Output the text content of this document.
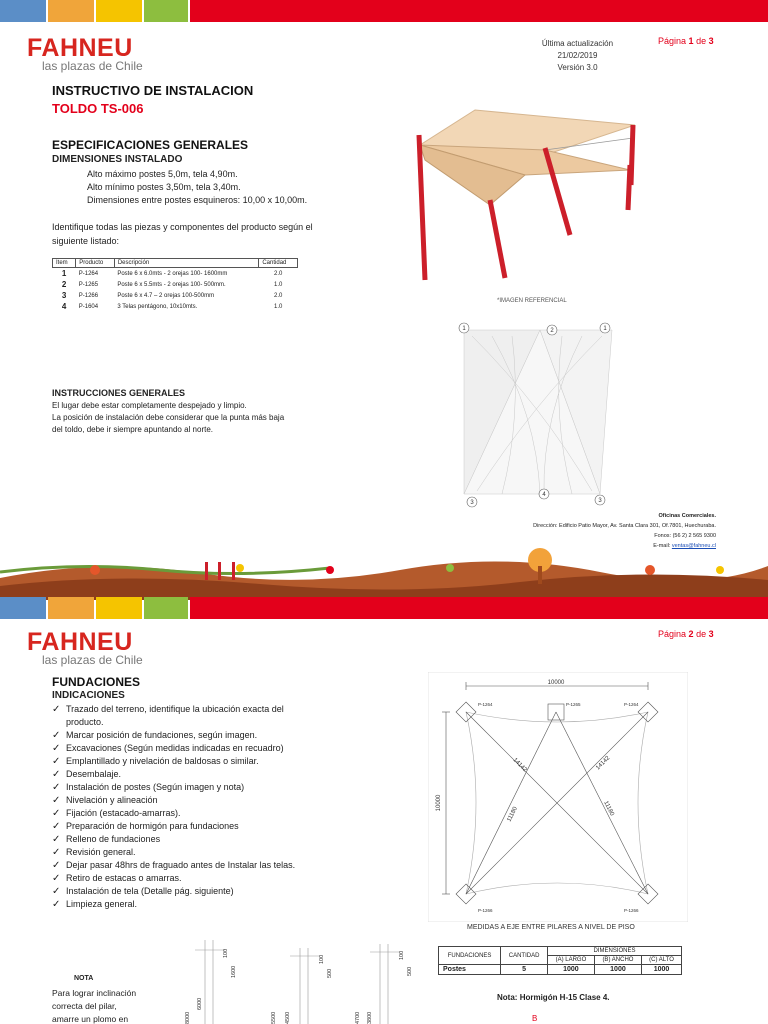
FAHNEU
las plazas de Chile
Última actualización
21/02/2019
Versión 3.0
Página 1 de 3
INSTRUCTIVO DE INSTALACION
TOLDO TS-006
ESPECIFICACIONES GENERALES
DIMENSIONES INSTALADO
Alto máximo postes 5,0m, tela 4,90m.
Alto mínimo postes 3,50m, tela 3,40m.
Dimensiones entre postes esquineros: 10,00 x 10,00m.
Identifique todas las piezas y componentes del producto según el siguiente listado:
Item	Producto	Descripción	Cantidad
1	P-1264	Poste 6 x 6.0mts - 2 orejas 100- 1600mm	2.0
2	P-1265	Poste 6 x 5.5mts - 2 orejas 100- 500mm.	1.0
3	P-1266	Poste 6 x 4.7 – 2 orejas 100-500mm	2.0
4	P-1604	3 Telas pentágono, 10x10mts.	1.0
*IMAGEN REFERENCIAL
1	2	1
3
4
3
INSTRUCCIONES GENERALES
El lugar debe estar completamente despejado y limpio.
La posición de instalación debe considerar que la punta más baja
del toldo, debe ir siempre apuntando al norte.
Oficinas Comerciales.
Dirección: Edificio Patio Mayor, Av. Santa Clara 301, Of.7801, Huechuraba.
Fonos: (56 2) 2 565 9300
E-mail: ventas@fahneu.cl
FAHNEU
las plazas de Chile
Página 2 de 3
FUNDACIONES
INDICACIONES
✓ Trazado del terreno, identifique la ubicación exacta del producto.
✓ Marcar posición de fundaciones, según imagen.
✓ Excavaciones (Según medidas indicadas en recuadro)
✓ Emplantillado y nivelación de baldosas o similar.
✓ Desembalaje.
✓ Instalación de postes (Según imagen y nota)
✓ Nivelación y alineación
✓ Fijación (estacado-amarras).
✓ Preparación de hormigón para fundaciones
✓ Relleno de fundaciones
✓ Revisión general.
✓ Dejar pasar 48hrs de fraguado antes de Instalar las telas.
✓ Retiro de estacas o amarras.
✓ Instalación de tela (Detalle pág. siguiente)
✓ Limpieza general.
10000
10000
14142	14142
11180	11180
P-1264	P-1265	P-1264
P-1266	P-1266
MEDIDAS A EJE ENTRE PILARES A NIVEL DE PISO
100
1600
8000
6000
100
500
4500
5500
100
500
3800
4700
FUNDACIONES	CANTIDAD	DIMENSIONES		
		(A) LARGO	(B) ANCHO	(C) ALTO
Postes	5	1000	1000	1000
Nota: Hormigón H-15 Clase 4.
B
NOTA
Para lograr inclinación
correcta del pilar,
amarre un plomo en
